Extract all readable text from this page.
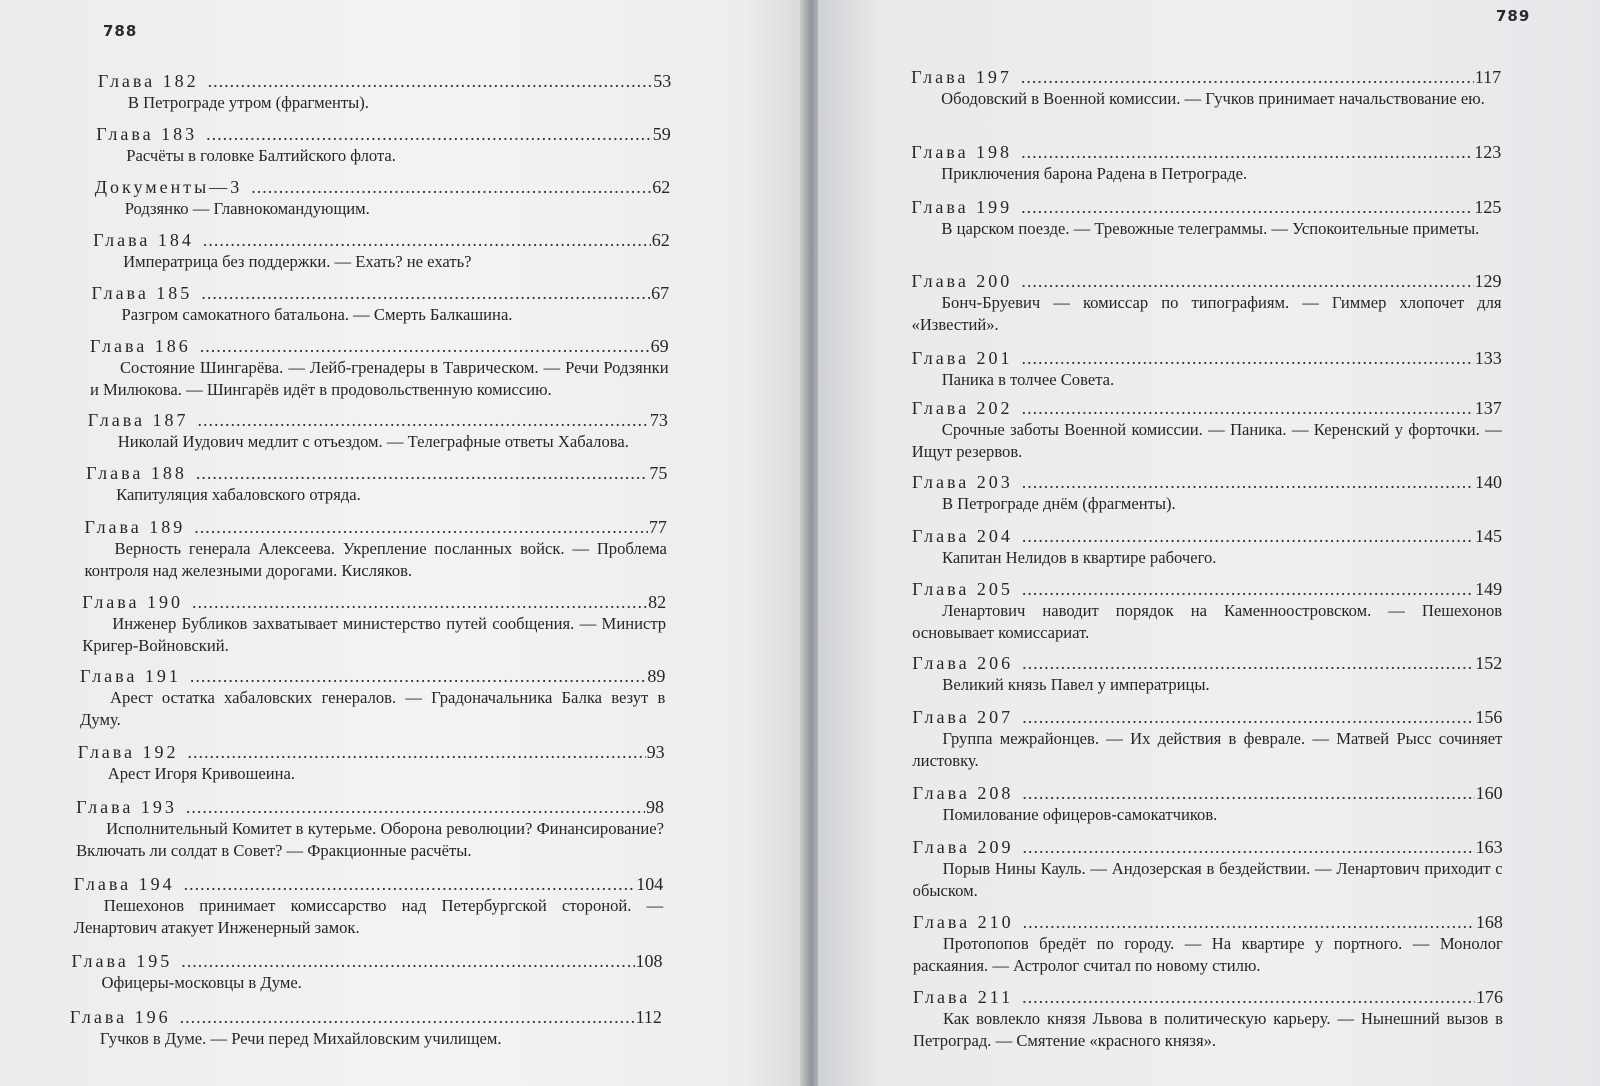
788
Глава 182 .....	53
В Петрограде утром (фрагменты).
Глава 183 .....	59
Расчёты в головке Балтийского флота.
Документы—3 .....	62
Родзянко — Главнокомандующим.
Глава 184 .....	62
Императрица без поддержки. — Ехать? не ехать?
Глава 185 .....	67
Разгром самокатного батальона. — Смерть Балкашина.
Глава 186 .....	69
Состояние Шингарёва. — Лейб-гренадеры в Таврическом. — Речи Родзянки и Милюкова. — Шингарёв идёт в продовольственную комиссию.
Глава 187 .....	73
Николай Иудович медлит с отъездом. — Телеграфные ответы Хабалова.
Глава 188 .....	75
Капитуляция хабаловского отряда.
Глава 189 .....	77
Верность генерала Алексеева. Укрепление посланных войск. — Проблема контроля над железными дорогами. Кисляков.
Глава 190 .....	82
Инженер Бубликов захватывает министерство путей сообщения. — Министр Кригер-Войновский.
Глава 191 .....	89
Арест остатка хабаловских генералов. — Градоначальника Балка везут в Думу.
Глава 192 .....	93
Арест Игоря Кривошеина.
Глава 193 .....	98
Исполнительный Комитет в кутерьме. Оборона революции? Финансирование? Включать ли солдат в Совет? — Фракционные расчёты.
Глава 194 .....	104
Пешехонов принимает комиссарство над Петербургской стороной. — Ленартович атакует Инженерный замок.
Глава 195 .....	108
Офицеры-московцы в Думе.
Глава 196 .....	112
Гучков в Думе. — Речи перед Михайловским училищем.
789
Глава 197 .....	117
Ободовский в Военной комиссии. — Гучков принимает начальствование ею.
Глава 198 .....	123
Приключения барона Радена в Петрограде.
Глава 199 .....	125
В царском поезде. — Тревожные телеграммы. — Успокоительные приметы.
Глава 200 .....	129
Бонч-Бруевич — комиссар по типографиям. — Гиммер хлопочет для «Известий».
Глава 201 .....	133
Паника в толчее Совета.
Глава 202 .....	137
Срочные заботы Военной комиссии. — Паника. — Керенский у форточки. — Ищут резервов.
Глава 203 .....	140
В Петрограде днём (фрагменты).
Глава 204 .....	145
Капитан Нелидов в квартире рабочего.
Глава 205 .....	149
Ленартович наводит порядок на Каменноостровском. — Пешехонов основывает комиссариат.
Глава 206 .....	152
Великий князь Павел у императрицы.
Глава 207 .....	156
Группа межрайонцев. — Их действия в феврале. — Матвей Рысс сочиняет листовку.
Глава 208 .....	160
Помилование офицеров-самокатчиков.
Глава 209 .....	163
Порыв Нины Кауль. — Андозерская в бездействии. — Ленартович приходит с обыском.
Глава 210 .....	168
Протопопов бредёт по городу. — На квартире у портного. — Монолог раскаяния. — Астролог считал по новому стилю.
Глава 211 .....	176
Как вовлекло князя Львова в политическую карьеру. — Нынешний вызов в Петроград. — Смятение «красного князя».
